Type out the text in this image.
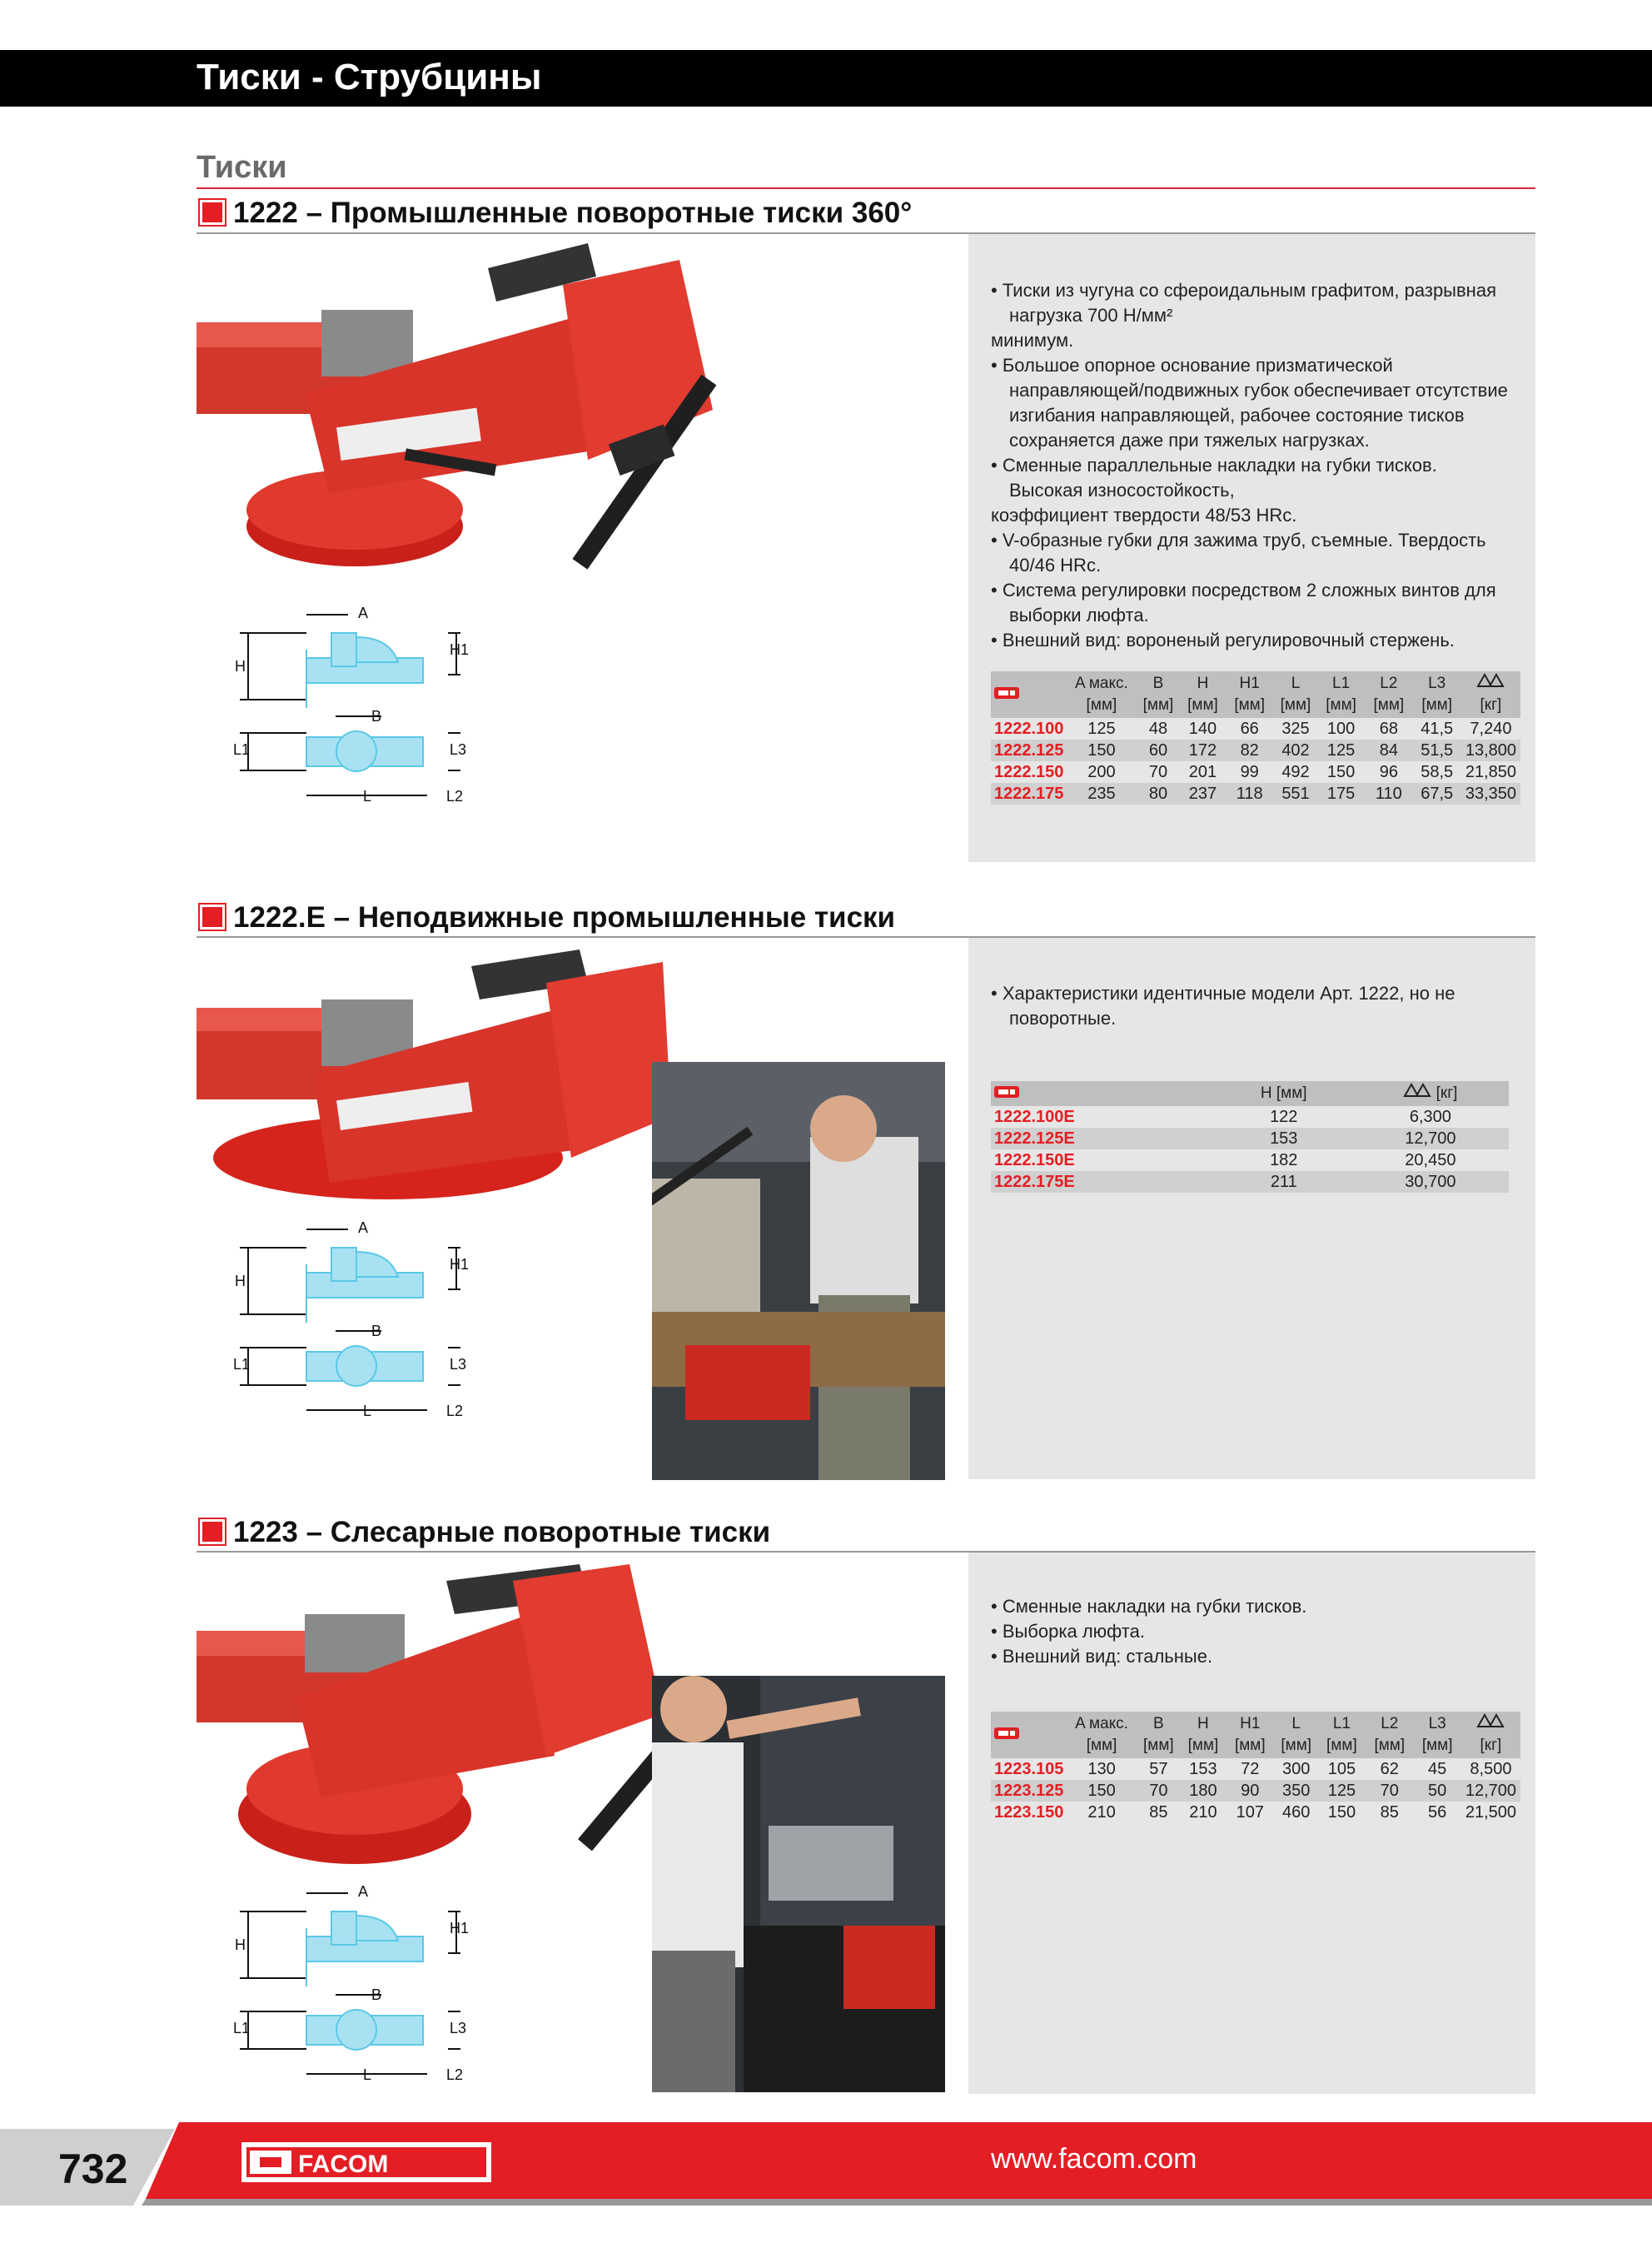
Тиски - Струбцины
Тиски
1222 – Промышленные поворотные тиски 360°

• Тиски из чугуна со сфероидальным графитом, разрывная

нагрузка 700 Н/мм²

минимум.

• Большое опорное основание призматической

направляющей/подвижных губок обеспечивает отсутствие

изгибания направляющей, рабочее состояние тисков

сохраняется даже при тяжелых нагрузках.

• Сменные параллельные накладки на губки тисков.

Высокая износостойкость,

коэффициент твердости 48/53 HRc.

• V-образные губки для зажима труб, съемные. Твердость

40/46 HRc.

• Система регулировки посредством 2 сложных винтов для

выборки люфта.

• Внешний вид: вороненый регулировочный стержень.

	A макс. [мм]	B [мм]	H [мм]	H1 [мм]	L [мм]	L1 [мм]	L2 [мм]	L3 [мм]	[кг]
1222.100	125	48	140	66	325	100	68	41,5	7,240
1222.125	150	60	172	82	402	125	84	51,5	13,800
1222.150	200	70	201	99	492	150	96	58,5	21,850
1222.175	235	80	237	118	551	175	110	67,5	33,350
A
H
H1
B
L1	L3
L	L2
1222.E – Неподвижные промышленные тиски

• Характеристики идентичные модели Арт. 1222, но не

поворотные.

	H [мм]	[кг]
1222.100E	122	6,300
1222.125E	153	12,700
1222.150E	182	20,450
1222.175E	211	30,700
A
H
H1
B
L1	L3
L	L2
1223 – Слесарные поворотные тиски

• Сменные накладки на губки тисков.

• Выборка люфта.

• Внешний вид: стальные.

	A макс. [мм]	B [мм]	H [мм]	H1 [мм]	L [мм]	L1 [мм]	L2 [мм]	L3 [мм]	[кг]
1223.105	130	57	153	72	300	105	62	45	8,500
1223.125	150	70	180	90	350	125	70	50	12,700
1223.150	210	85	210	107	460	150	85	56	21,500
A
H
H1
B
L1	L3
L	L2
FACOM
732	www.facom.com
